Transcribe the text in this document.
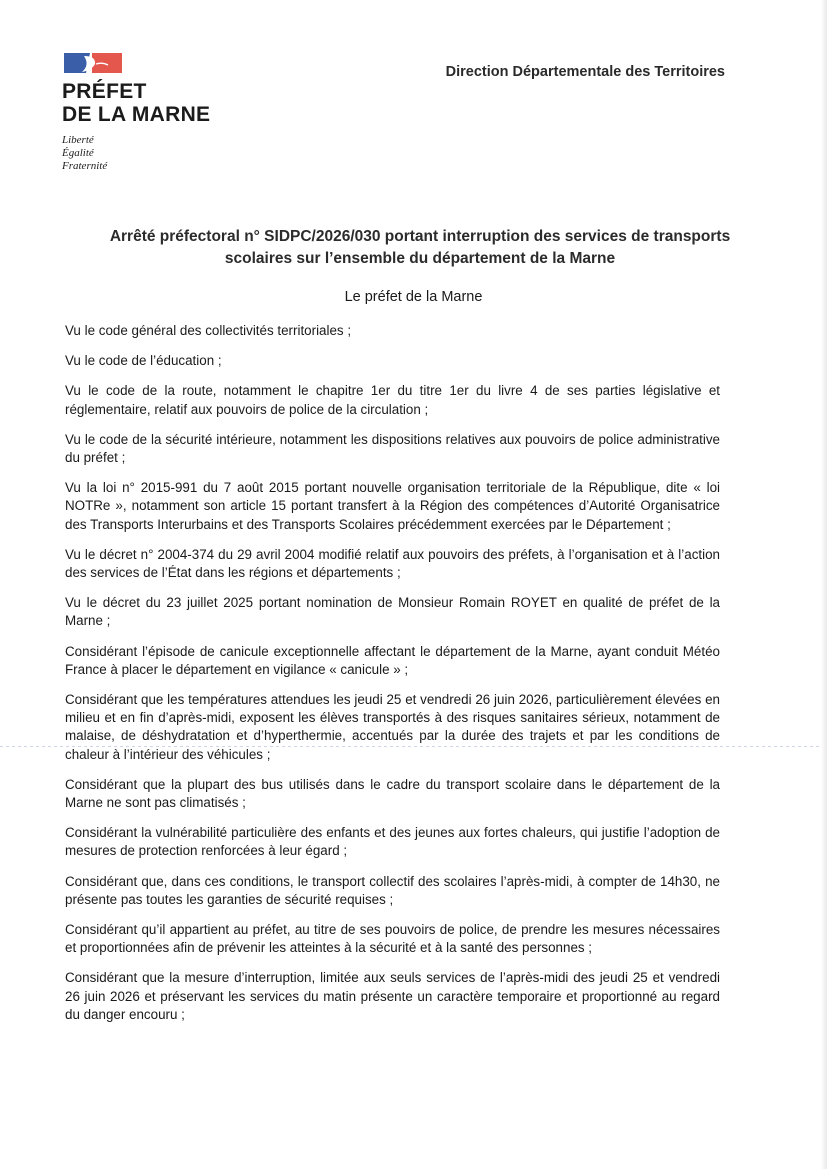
PRÉFET
DE LA MARNE
Liberté
Égalité
Fraternité
Direction Départementale des Territoires
Arrêté préfectoral n° SIDPC/2026/030 portant interruption des services de transports
scolaires sur l’ensemble du département de la Marne
Le préfet de la Marne

Vu le code général des collectivités territoriales ;

Vu le code de l’éducation ;

Vu le code de la route, notamment le chapitre 1er du titre 1er du livre 4 de ses parties législative et réglementaire, relatif aux pouvoirs de police de la circulation ;

Vu le code de la sécurité intérieure, notamment les dispositions relatives aux pouvoirs de police administrative du préfet ;

Vu la loi n° 2015-991 du 7 août 2015 portant nouvelle organisation territoriale de la République, dite « loi NOTRe », notamment son article 15 portant transfert à la Région des compétences d’Autorité Organisatrice des Transports Interurbains et des Transports Scolaires précédemment exercées par le Département ;

Vu le décret n° 2004-374 du 29 avril 2004 modifié relatif aux pouvoirs des préfets, à l’organisation et à l’action des services de l’État dans les régions et départements ;

Vu le décret du 23 juillet 2025 portant nomination de Monsieur Romain ROYET en qualité de préfet de la Marne ;

Considérant l’épisode de canicule exceptionnelle affectant le département de la Marne, ayant conduit Météo France à placer le département en vigilance « canicule » ;

Considérant que les températures attendues les jeudi 25 et vendredi 26 juin 2026, particulièrement élevées en milieu et en fin d’après-midi, exposent les élèves transportés à des risques sanitaires sérieux, notamment de malaise, de déshydratation et d’hyperthermie, accentués par la durée des trajets et par les conditions de chaleur à l’intérieur des véhicules ;

Considérant que la plupart des bus utilisés dans le cadre du transport scolaire dans le département de la Marne ne sont pas climatisés ;

Considérant la vulnérabilité particulière des enfants et des jeunes aux fortes chaleurs, qui justifie l’adoption de mesures de protection renforcées à leur égard ;

Considérant que, dans ces conditions, le transport collectif des scolaires l’après-midi, à compter de 14h30, ne présente pas toutes les garanties de sécurité requises ;

Considérant qu’il appartient au préfet, au titre de ses pouvoirs de police, de prendre les mesures nécessaires et proportionnées afin de prévenir les atteintes à la sécurité et à la santé des personnes ;

Considérant que la mesure d’interruption, limitée aux seuls services de l’après-midi des jeudi 25 et vendredi 26 juin 2026 et préservant les services du matin présente un caractère temporaire et proportionné au regard du danger encouru ;
